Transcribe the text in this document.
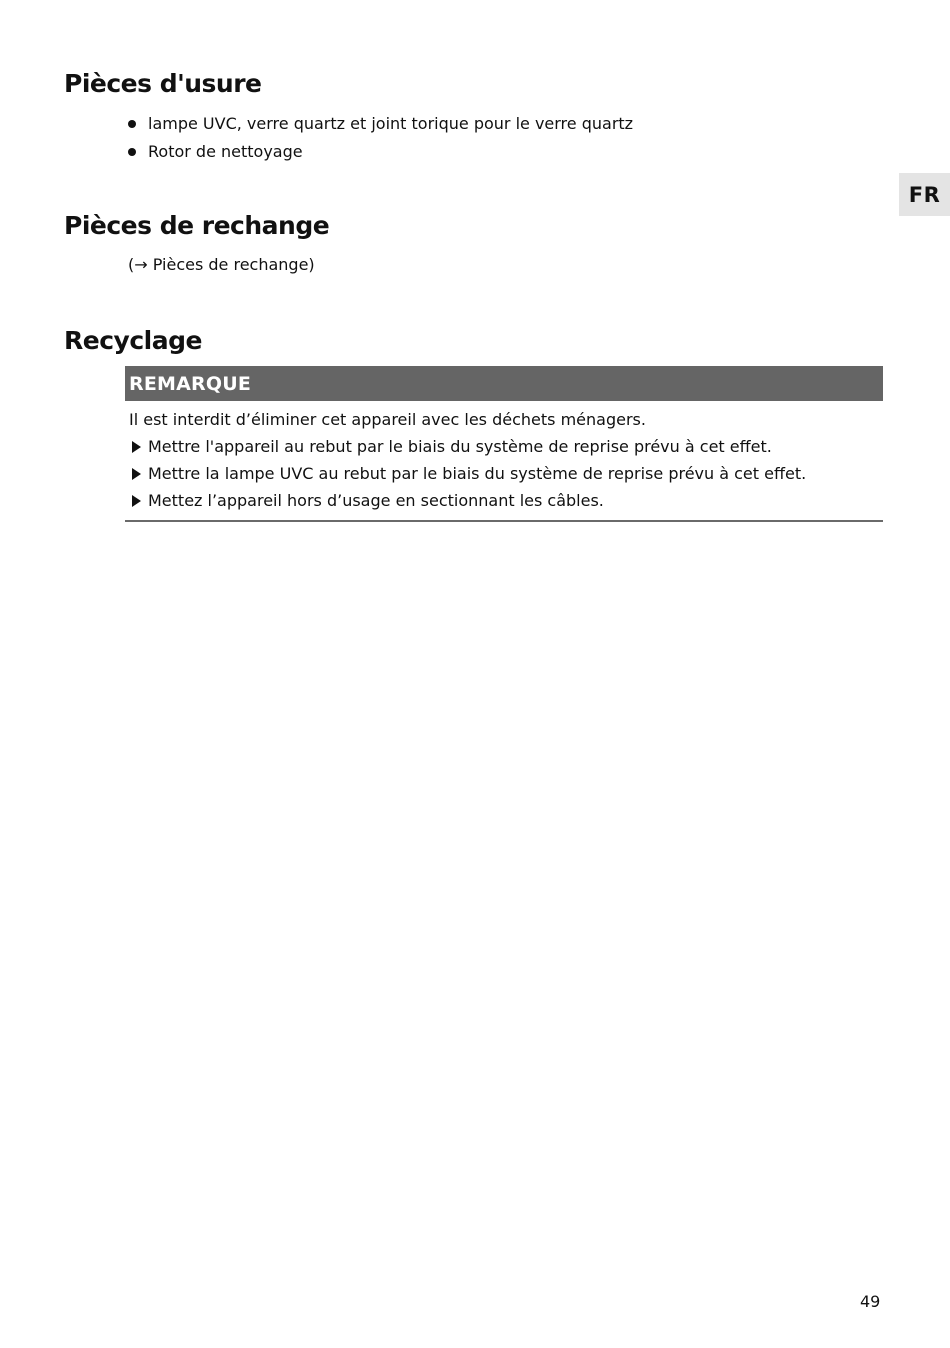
FR
Pièces d'usure
lampe UVC, verre quartz et joint torique pour le verre quartz
Rotor de nettoyage
Pièces de rechange
(→ Pièces de rechange)
Recyclage
REMARQUE
Il est interdit d’éliminer cet appareil avec les déchets ménagers.
Mettre l'appareil au rebut par le biais du système de reprise prévu à cet effet.
Mettre la lampe UVC au rebut par le biais du système de reprise prévu à cet effet.
Mettez l’appareil hors d’usage en sectionnant les câbles.
49
